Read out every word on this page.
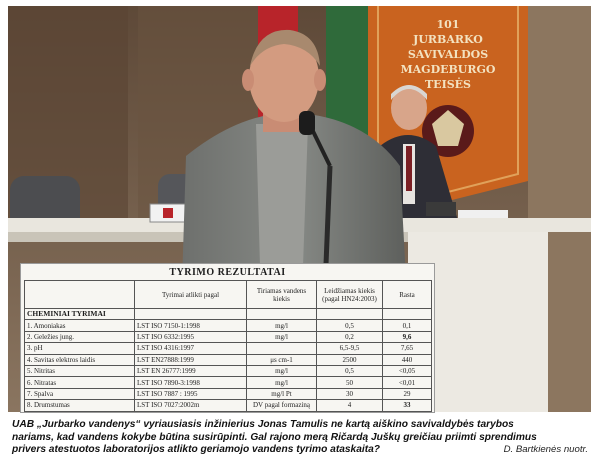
101
JURBARKO
SAVIVALDOS
MAGDEBURGO
TEISĖS
TYRIMO REZULTATAI
	Tyrimai atlikti pagal	Tiriamas vandens kiekis	Leidžiamas kiekis (pagal HN24:2003)	Rasta
CHEMINIAI TYRIMAI				
1. Amoniakas	LST ISO 7150-1:1998	mg/l	0,5	0,1
2. Geležies jung.	LST ISO 6332:1995	mg/l	0,2	9,6
3. pH	LST ISO 4316:1997		6,5-9,5	7,65
4. Savitas elektros laidis	LST EN27888:1999	μs cm-1	2500	440
5. Nitritas	LST EN 26777:1999	mg/l	0,5	<0,05
6. Nitratas	LST ISO 7890-3:1998	mg/l	50	<0,01
7. Spalva	LST ISO 7887 : 1995	mg/l Pt	30	29
8. Drumstumas	LST ISO 7027:2002m	DV pagal formaziną	4	33

UAB „Jurbarko vandenys“ vyriausiasis inžinierius Jonas Tamulis ne kartą aiškino savivaldybės tarybos

nariams, kad vandens kokybe būtina susirūpinti. Gal rajono merą Ričardą Juškų greičiau priimti sprendimus

privers atestuotos laboratorijos atlikto geriamojo vandens tyrimo ataskaita?	D. Bartkienės nuotr.
